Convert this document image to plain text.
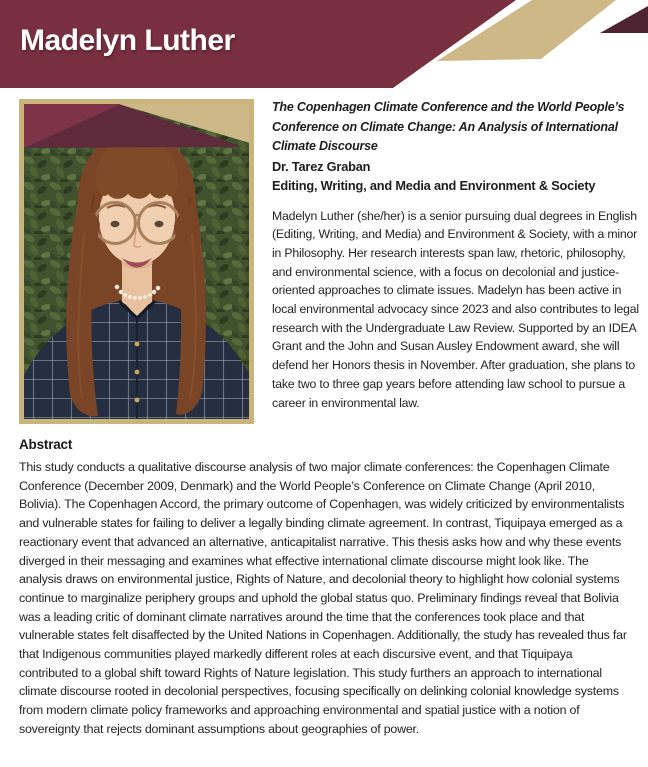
Madelyn Luther
The Copenhagen Climate Conference and the World People’s Conference on Climate Change: An Analysis of International Climate Discourse

Dr. Tarez Graban

Editing, Writing, and Media and Environment & Society

Madelyn Luther (she/her) is a senior pursuing dual degrees in English (Editing, Writing, and Media) and Environment & Society, with a minor in Philosophy. Her research interests span law, rhetoric, philosophy, and environmental science, with a focus on decolonial and justice-oriented approaches to climate issues. Madelyn has been active in local environmental advocacy since 2023 and also contributes to legal research with the Undergraduate Law Review. Supported by an IDEA Grant and the John and Susan Ausley Endowment award, she will defend her Honors thesis in November. After graduation, she plans to take two to three gap years before attending law school to pursue a career in environmental law.

Abstract

This study conducts a qualitative discourse analysis of two major climate conferences: the Copenhagen Climate Conference (December 2009, Denmark) and the World People’s Conference on Climate Change (April 2010, Bolivia). The Copenhagen Accord, the primary outcome of Copenhagen, was widely criticized by environmentalists and vulnerable states for failing to deliver a legally binding climate agreement. In contrast, Tiquipaya emerged as a reactionary event that advanced an alternative, anticapitalist narrative. This thesis asks how and why these events diverged in their messaging and examines what effective international climate discourse might look like. The analysis draws on environmental justice, Rights of Nature, and decolonial theory to highlight how colonial systems continue to marginalize periphery groups and uphold the global status quo. Preliminary findings reveal that Bolivia was a leading critic of dominant climate narratives around the time that the conferences took place and that vulnerable states felt disaffected by the United Nations in Copenhagen. Additionally, the study has revealed thus far that Indigenous communities played markedly different roles at each discursive event, and that Tiquipaya contributed to a global shift toward Rights of Nature legislation. This study furthers an approach to international climate discourse rooted in decolonial perspectives, focusing specifically on delinking colonial knowledge systems from modern climate policy frameworks and approaching environmental and spatial justice with a notion of sovereignty that rejects dominant assumptions about geographies of power.
